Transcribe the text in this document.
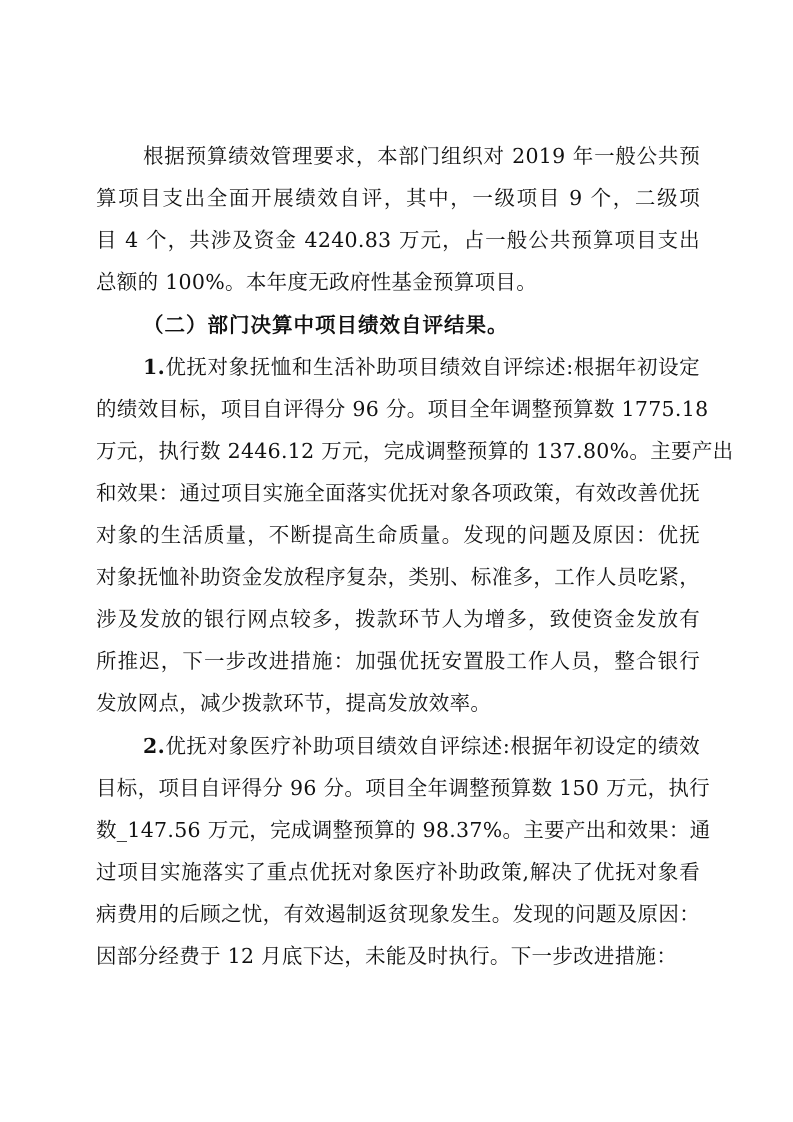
根据预算绩效管理要求，本部门组织对 2019 年一般公共预
算项目支出全面开展绩效自评，其中，一级项目 9 个，二级项
目 4 个，共涉及资金 4240.83 万元，占一般公共预算项目支出
总额的 100%。本年度无政府性基金预算项目。
（二）部门决算中项目绩效自评结果。
1.优抚对象抚恤和生活补助项目绩效自评综述:根据年初设定
的绩效目标，项目自评得分 96 分。项目全年调整预算数 1775.18
万元，执行数 2446.12 万元，完成调整预算的 137.80%。主要产出
和效果：通过项目实施全面落实优抚对象各项政策，有效改善优抚
对象的生活质量，不断提高生命质量。发现的问题及原因：优抚
对象抚恤补助资金发放程序复杂，类别、标准多，工作人员吃紧，
涉及发放的银行网点较多，拨款环节人为增多，致使资金发放有
所推迟，下一步改进措施：加强优抚安置股工作人员，整合银行
发放网点，减少拨款环节，提高发放效率。
2.优抚对象医疗补助项目绩效自评综述:根据年初设定的绩效
目标，项目自评得分 96 分。项目全年调整预算数 150 万元，执行
数_147.56 万元，完成调整预算的 98.37%。主要产出和效果：通
过项目实施落实了重点优抚对象医疗补助政策,解决了优抚对象看
病费用的后顾之忧，有效遏制返贫现象发生。发现的问题及原因：
因部分经费于 12 月底下达，未能及时执行。下一步改进措施：
